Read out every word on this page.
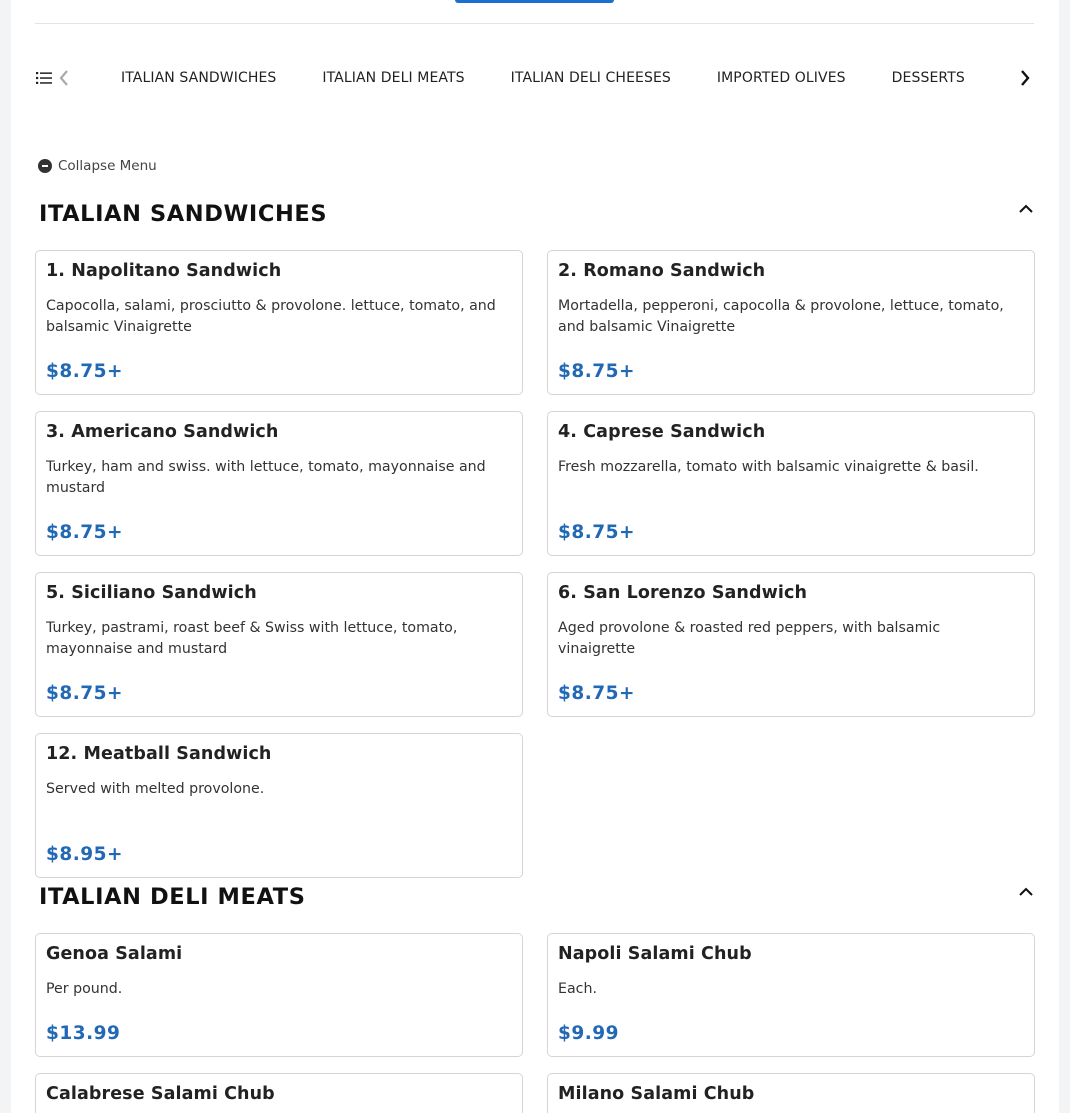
ITALIAN SANDWICHES	ITALIAN DELI MEATS	ITALIAN DELI CHEESES	IMPORTED OLIVES	DESSERTS
Collapse Menu
ITALIAN SANDWICHES
1. Napolitano Sandwich
Capocolla, salami, prosciutto & provolone. lettuce, tomato, and balsamic Vinaigrette
$8.75+
2. Romano Sandwich
Mortadella, pepperoni, capocolla & provolone, lettuce, tomato, and balsamic Vinaigrette
$8.75+
3. Americano Sandwich
Turkey, ham and swiss. with lettuce, tomato, mayonnaise and mustard
$8.75+
4. Caprese Sandwich
Fresh mozzarella, tomato with balsamic vinaigrette & basil.
$8.75+
5. Siciliano Sandwich
Turkey, pastrami, roast beef & Swiss with lettuce, tomato, mayonnaise and mustard
$8.75+
6. San Lorenzo Sandwich
Aged provolone & roasted red peppers, with balsamic vinaigrette
$8.75+
12. Meatball Sandwich
Served with melted provolone.
$8.95+
ITALIAN DELI MEATS
Genoa Salami
Per pound.
$13.99
Napoli Salami Chub
Each.
$9.99
Calabrese Salami Chub	Milano Salami Chub
